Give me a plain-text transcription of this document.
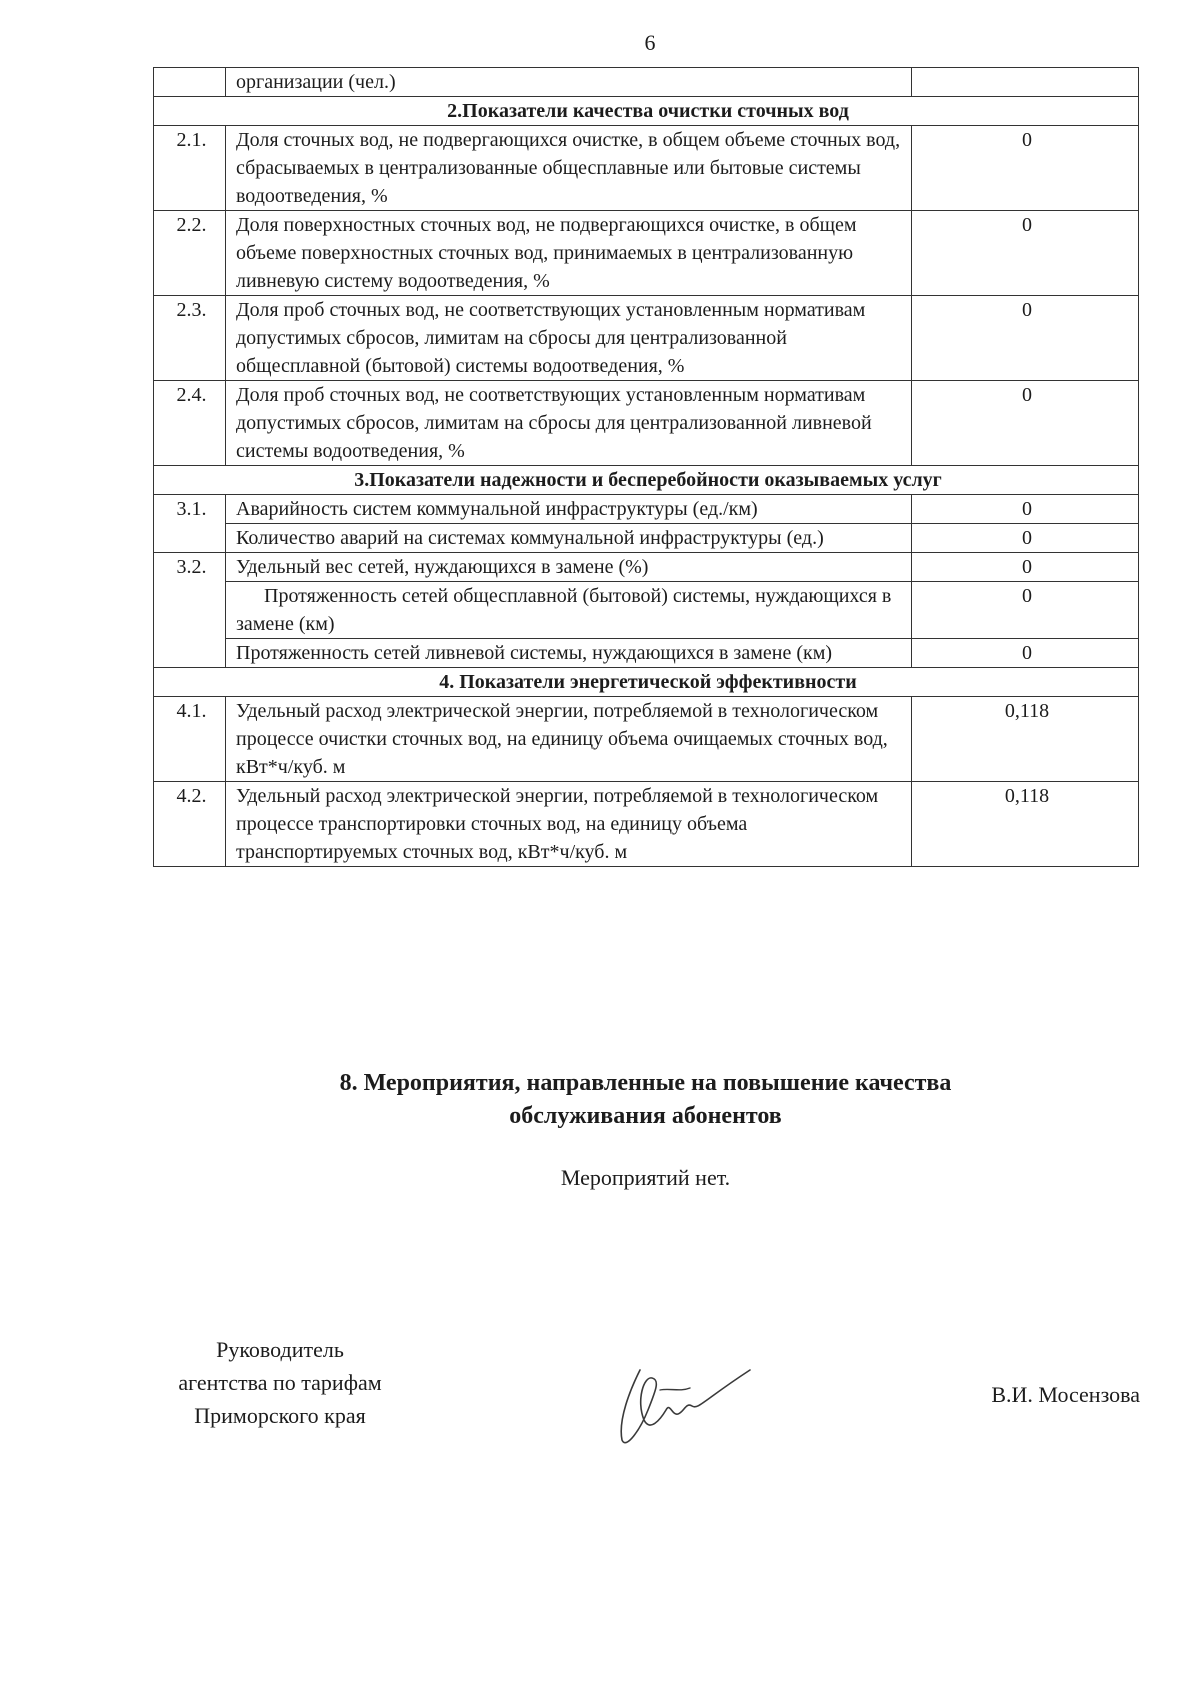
6
	организации (чел.)	
2.Показатели качества очистки сточных вод		
2.1.	Доля сточных вод, не подвергающихся очистке, в общем объеме сточных вод, сбрасываемых в централизованные общесплавные или бытовые системы водоотведения, %	0
2.2.	Доля поверхностных сточных вод, не подвергающихся очистке, в общем объеме поверхностных сточных вод, принимаемых в централизованную ливневую систему водоотведения, %	0
2.3.	Доля проб сточных вод, не соответствующих установленным нормативам допустимых сбросов, лимитам на сбросы для централизованной общесплавной (бытовой) системы водоотведения, %	0
2.4.	Доля проб сточных вод, не соответствующих установленным нормативам допустимых сбросов, лимитам на сбросы для централизованной ливневой системы водоотведения, %	0
3.Показатели надежности и бесперебойности оказываемых услуг		
3.1.	Аварийность систем коммунальной инфраструктуры (ед./км)	0
	Количество аварий на системах коммунальной инфраструктуры (ед.)	0
3.2.	Удельный вес сетей, нуждающихся в замене (%)	0
	Протяженность сетей общесплавной (бытовой) системы, нуждающихся в замене (км)	0
	Протяженность сетей ливневой системы, нуждающихся в замене (км)	0
4. Показатели энергетической эффективности		
4.1.	Удельный расход электрической энергии, потребляемой в технологическом процессе очистки сточных вод, на единицу объема очищаемых сточных вод, кВт*ч/куб. м	0,118
4.2.	Удельный расход электрической энергии, потребляемой в технологическом процессе транспортировки сточных вод, на единицу объема транспортируемых сточных вод, кВт*ч/куб. м	0,118
8. Мероприятия, направленные на повышение качества
обслуживания абонентов
Мероприятий нет.
Руководитель
агентства по тарифам
Приморского края
В.И. Мосензова
